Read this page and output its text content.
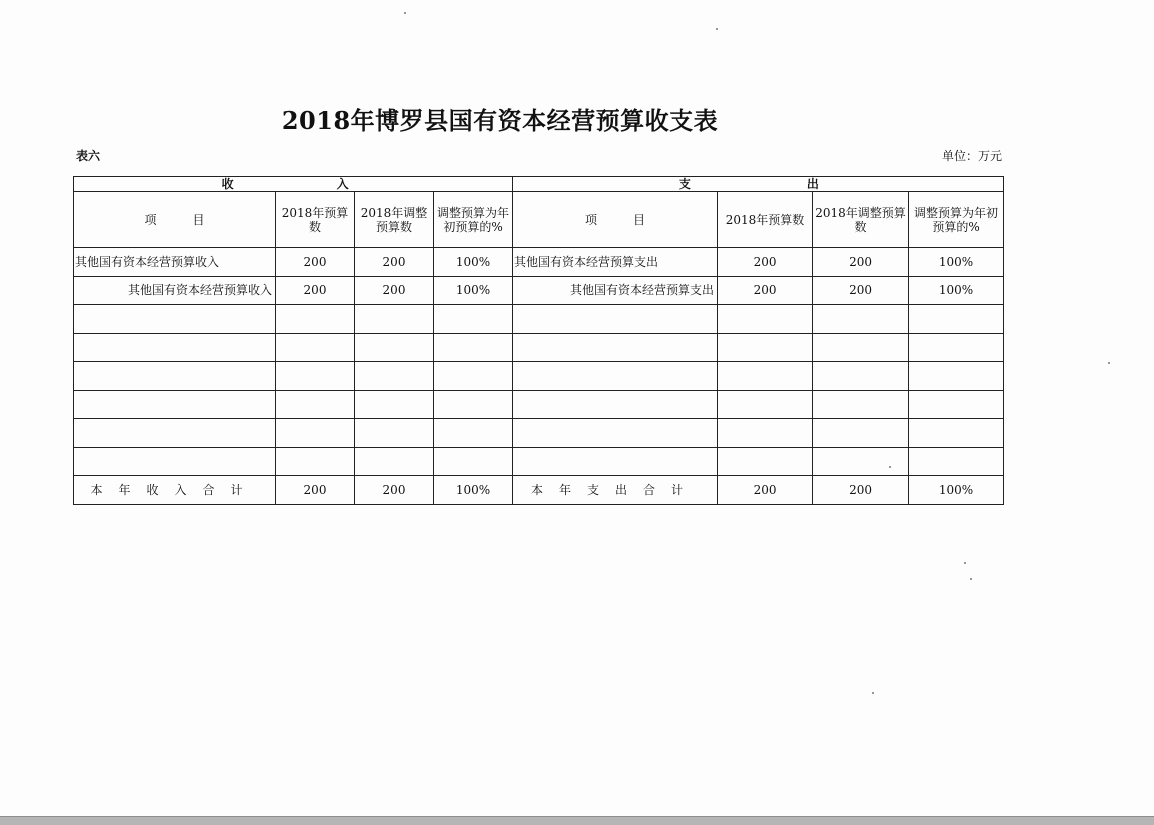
2018年博罗县国有资本经营预算收支表
表六	单位：万元
收 入				支 出			
项　　　目	2018年预算数	2018年调整预算数	调整预算为年初预算的%	项　　　目	2018年预算数	2018年调整预算数	调整预算为年初预算的%
其他国有资本经营预算收入	200	200	100%	其他国有资本经营预算支出	200	200	100%
其他国有资本经营预算收入	200	200	100%	其他国有资本经营预算支出	200	200	100%

本年收入合计	200	200	100%	本年支出合计	200	200	100%
